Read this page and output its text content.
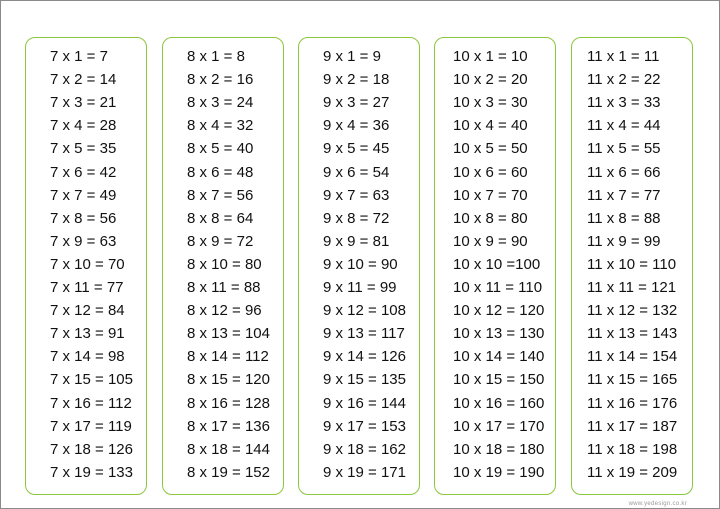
7 x 1 = 7
7 x 2 = 14
7 x 3 = 21
7 x 4 = 28
7 x 5 = 35
7 x 6 = 42
7 x 7 = 49
7 x 8 = 56
7 x 9 = 63
7 x 10 = 70
7 x 11 = 77
7 x 12 = 84
7 x 13 = 91
7 x 14 = 98
7 x 15 = 105
7 x 16 = 112
7 x 17 = 119
7 x 18 = 126
7 x 19 = 133
8 x 1 = 8
8 x 2 = 16
8 x 3 = 24
8 x 4 = 32
8 x 5 = 40
8 x 6 = 48
8 x 7 = 56
8 x 8 = 64
8 x 9 = 72
8 x 10 = 80
8 x 11 = 88
8 x 12 = 96
8 x 13 = 104
8 x 14 = 112
8 x 15 = 120
8 x 16 = 128
8 x 17 = 136
8 x 18 = 144
8 x 19 = 152
9 x 1 = 9
9 x 2 = 18
9 x 3 = 27
9 x 4 = 36
9 x 5 = 45
9 x 6 = 54
9 x 7 = 63
9 x 8 = 72
9 x 9 = 81
9 x 10 = 90
9 x 11 = 99
9 x 12 = 108
9 x 13 = 117
9 x 14 = 126
9 x 15 = 135
9 x 16 = 144
9 x 17 = 153
9 x 18 = 162
9 x 19 = 171
10 x 1 = 10
10 x 2 = 20
10 x 3 = 30
10 x 4 = 40
10 x 5 = 50
10 x 6 = 60
10 x 7 = 70
10 x 8 = 80
10 x 9 = 90
10 x 10 =100
10 x 11 = 110
10 x 12 = 120
10 x 13 = 130
10 x 14 = 140
10 x 15 = 150
10 x 16 = 160
10 x 17 = 170
10 x 18 = 180
10 x 19 = 190
11 x 1 = 11
11 x 2 = 22
11 x 3 = 33
11 x 4 = 44
11 x 5 = 55
11 x 6 = 66
11 x 7 = 77
11 x 8 = 88
11 x 9 = 99
11 x 10 = 110
11 x 11 = 121
11 x 12 = 132
11 x 13 = 143
11 x 14 = 154
11 x 15 = 165
11 x 16 = 176
11 x 17 = 187
11 x 18 = 198
11 x 19 = 209
www.yedesign.co.kr
